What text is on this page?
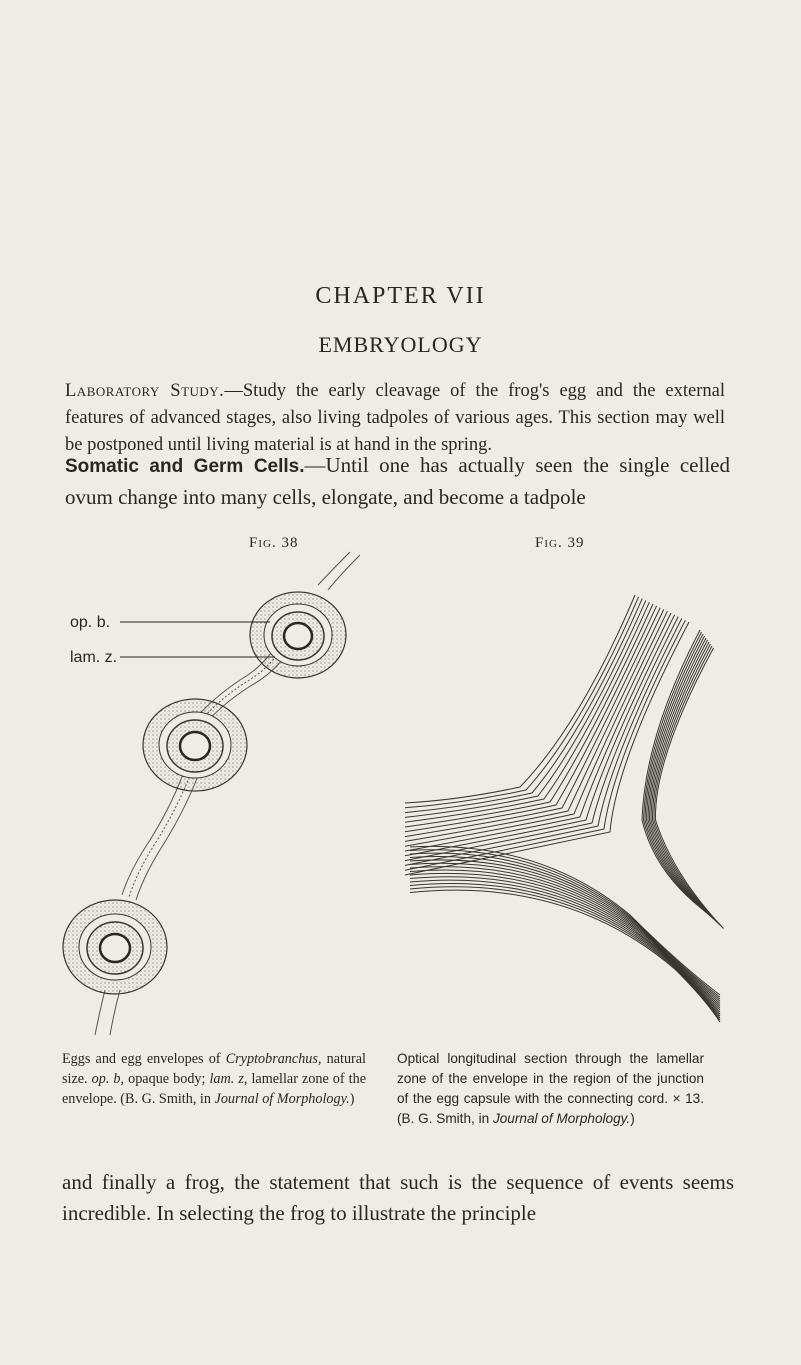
CHAPTER VII
EMBRYOLOGY

Laboratory Study.—Study the early cleavage of the frog's egg and the external features of advanced stages, also living tadpoles of various ages. This section may well be postponed until living material is at hand in the spring.

Somatic and Germ Cells.—Until one has actually seen the single celled ovum change into many cells, elongate, and become a tadpole

Fig. 38	Fig. 39
op. b.
lam. z.

Eggs and egg envelopes of Cryptobranchus, natural size. op. b, opaque body; lam. z, lamellar zone of the envelope. (B. G. Smith, in Journal of Morphology.)

Optical longitudinal section through the lamellar zone of the envelope in the region of the junction of the egg capsule with the connecting cord. × 13. (B. G. Smith, in Journal of Morphology.)

and finally a frog, the statement that such is the sequence of events seems incredible. In selecting the frog to illustrate the principle
